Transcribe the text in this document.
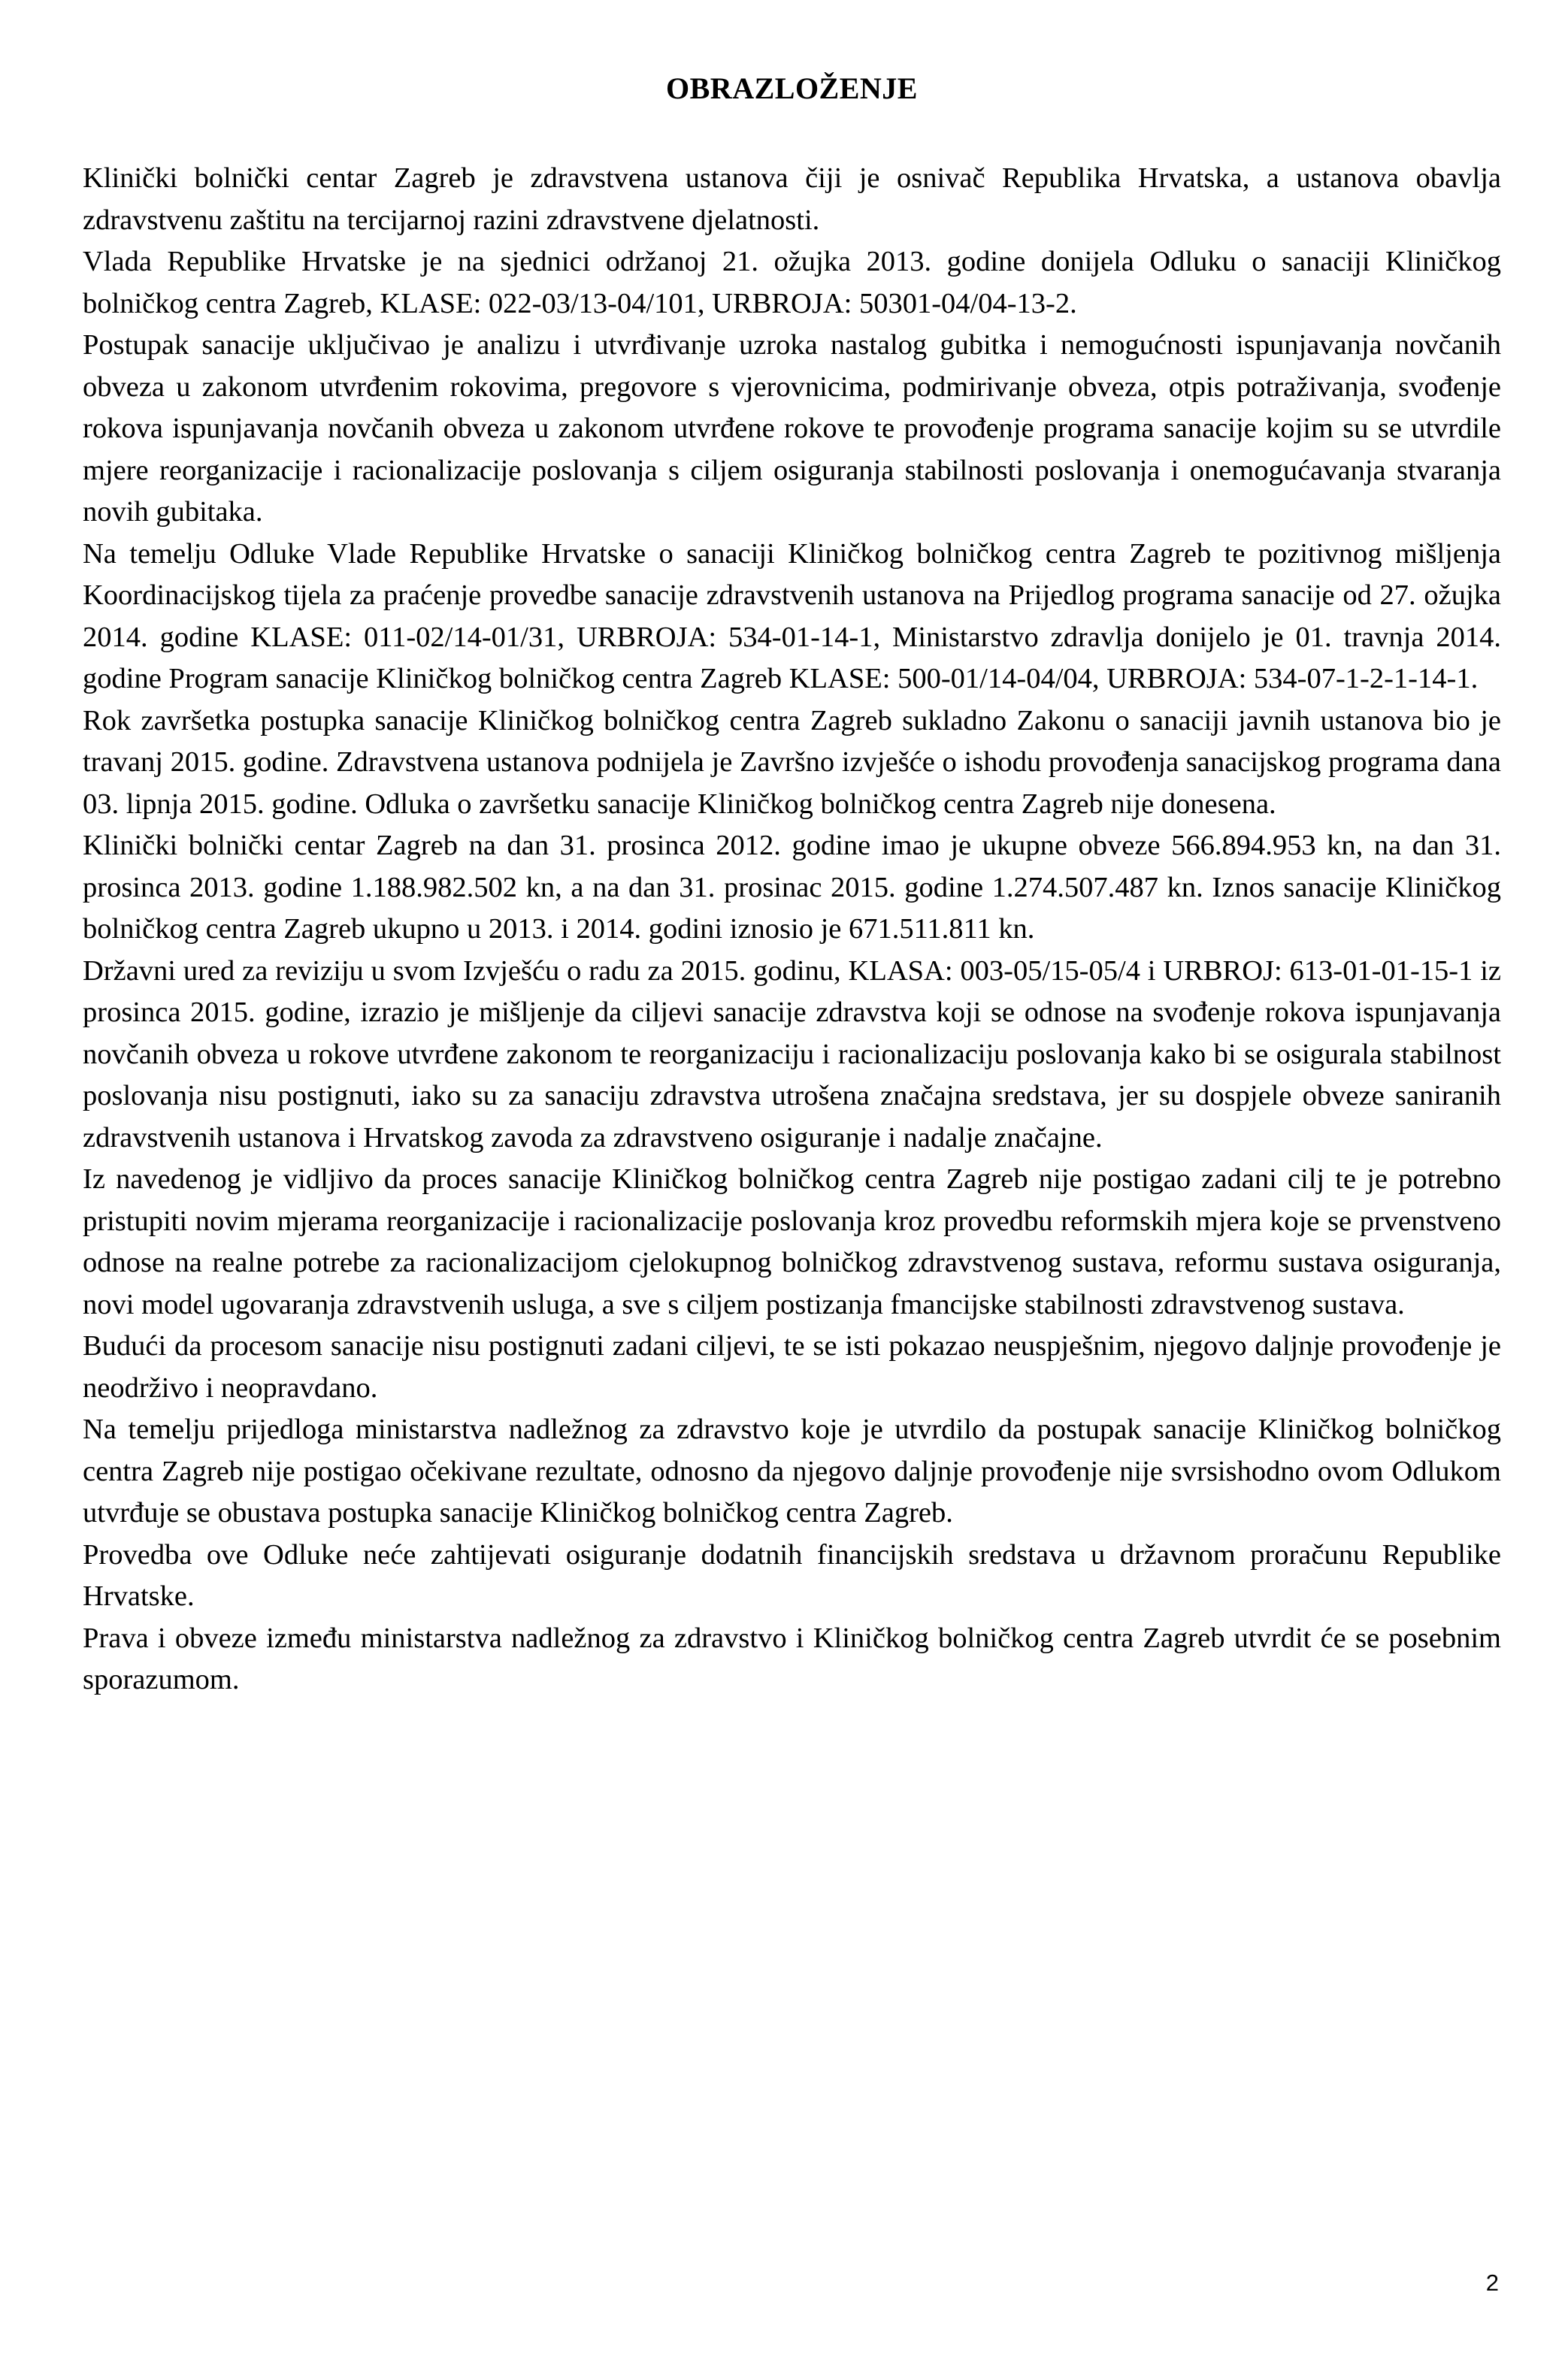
OBRAZLOŽENJE

Klinički bolnički centar Zagreb je zdravstvena ustanova čiji je osnivač Republika Hrvatska, a ustanova obavlja zdravstvenu zaštitu na tercijarnoj razini zdravstvene djelatnosti.

Vlada Republike Hrvatske je na sjednici održanoj 21. ožujka 2013. godine donijela Odluku o sanaciji Kliničkog bolničkog centra Zagreb, KLASE: 022-03/13-04/101, URBROJA: 50301-04/04-13-2.

Postupak sanacije uključivao je analizu i utvrđivanje uzroka nastalog gubitka i nemogućnosti ispunjavanja novčanih obveza u zakonom utvrđenim rokovima, pregovore s vjerovnicima, podmirivanje obveza, otpis potraživanja, svođenje rokova ispunjavanja novčanih obveza u zakonom utvrđene rokove te provođenje programa sanacije kojim su se utvrdile mjere reorganizacije i racionalizacije poslovanja s ciljem osiguranja stabilnosti poslovanja i onemogućavanja stvaranja novih gubitaka.

Na temelju Odluke Vlade Republike Hrvatske o sanaciji Kliničkog bolničkog centra Zagreb te pozitivnog mišljenja Koordinacijskog tijela za praćenje provedbe sanacije zdravstvenih ustanova na Prijedlog programa sanacije od 27. ožujka 2014. godine KLASE: 011-02/14-01/31, URBROJA: 534-01-14-1, Ministarstvo zdravlja donijelo je 01. travnja 2014. godine Program sanacije Kliničkog bolničkog centra Zagreb KLASE: 500-01/14-04/04, URBROJA: 534-07-1-2-1-14-1.

Rok završetka postupka sanacije Kliničkog bolničkog centra Zagreb sukladno Zakonu o sanaciji javnih ustanova bio je travanj 2015. godine. Zdravstvena ustanova podnijela je Završno izvješće o ishodu provođenja sanacijskog programa dana 03. lipnja 2015. godine. Odluka o završetku sanacije Kliničkog bolničkog centra Zagreb nije donesena.

Klinički bolnički centar Zagreb na dan 31. prosinca 2012. godine imao je ukupne obveze 566.894.953 kn, na dan 31. prosinca 2013. godine 1.188.982.502 kn, a na dan 31. prosinac 2015. godine 1.274.507.487 kn. Iznos sanacije Kliničkog bolničkog centra Zagreb ukupno u 2013. i 2014. godini iznosio je 671.511.811 kn.

Državni ured za reviziju u svom Izvješću o radu za 2015. godinu, KLASA: 003-05/15-05/4 i URBROJ: 613-01-01-15-1 iz prosinca 2015. godine, izrazio je mišljenje da ciljevi sanacije zdravstva koji se odnose na svođenje rokova ispunjavanja novčanih obveza u rokove utvrđene zakonom te reorganizaciju i racionalizaciju poslovanja kako bi se osigurala stabilnost poslovanja nisu postignuti, iako su za sanaciju zdravstva utrošena značajna sredstava, jer su dospjele obveze saniranih zdravstvenih ustanova i Hrvatskog zavoda za zdravstveno osiguranje i nadalje značajne.

Iz navedenog je vidljivo da proces sanacije Kliničkog bolničkog centra Zagreb nije postigao zadani cilj te je potrebno pristupiti novim mjerama reorganizacije i racionalizacije poslovanja kroz provedbu reformskih mjera koje se prvenstveno odnose na realne potrebe za racionalizacijom cjelokupnog bolničkog zdravstvenog sustava, reformu sustava osiguranja, novi model ugovaranja zdravstvenih usluga, a sve s ciljem postizanja fmancijske stabilnosti zdravstvenog sustava.

Budući da procesom sanacije nisu postignuti zadani ciljevi, te se isti pokazao neuspješnim, njegovo daljnje provođenje je neodrživo i neopravdano.

Na temelju prijedloga ministarstva nadležnog za zdravstvo koje je utvrdilo da postupak sanacije Kliničkog bolničkog centra Zagreb nije postigao očekivane rezultate, odnosno da njegovo daljnje provođenje nije svrsishodno ovom Odlukom utvrđuje se obustava postupka sanacije Kliničkog bolničkog centra Zagreb.

Provedba ove Odluke neće zahtijevati osiguranje dodatnih financijskih sredstava u državnom proračunu Republike Hrvatske.

Prava i obveze između ministarstva nadležnog za zdravstvo i Kliničkog bolničkog centra Zagreb utvrdit će se posebnim sporazumom.

2
